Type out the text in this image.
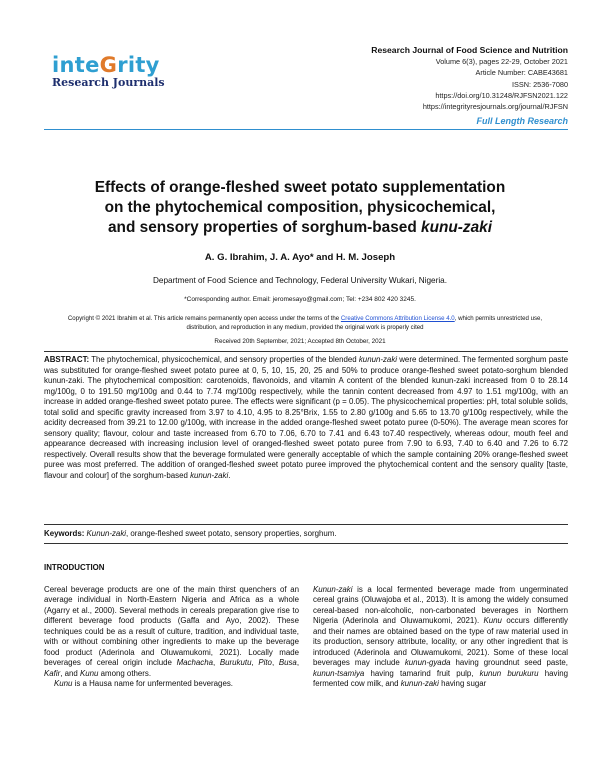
inteGrity
Research Journals
Research Journal of Food Science and Nutrition
Volume 6(3), pages 22-29, October 2021
Article Number: CABE43681
ISSN: 2536-7080
https://doi.org/10.31248/RJFSN2021.122
https://integrityresjournals.org/journal/RJFSN
Full Length Research
Effects of orange-fleshed sweet potato supplementation
on the phytochemical composition, physicochemical,
and sensory properties of sorghum-based kunu-zaki
A. G. Ibrahim, J. A. Ayo* and H. M. Joseph
Department of Food Science and Technology, Federal University Wukari, Nigeria.
*Corresponding author. Email: jeromesayo@gmail.com; Tel: +234 802 420 3245.
Copyright © 2021 Ibrahim et al. This article remains permanently open access under the terms of the Creative Commons Attribution License 4.0, which permits unrestricted use, distribution, and reproduction in any medium, provided the original work is properly cited
Received 20th September, 2021; Accepted 8th October, 2021
ABSTRACT: The phytochemical, physicochemical, and sensory properties of the blended kunun-zaki were determined. The fermented sorghum paste was substituted for orange-fleshed sweet potato puree at 0, 5, 10, 15, 20, 25 and 50% to produce orange-fleshed sweet potato-sorghum blended kunun-zaki. The phytochemical composition: carotenoids, flavonoids, and vitamin A content of the blended kunun-zaki increased from 0 to 28.14 mg/100g, 0 to 191.50 mg/100g and 0.44 to 7.74 mg/100g respectively, while the tannin content decreased from 4.97 to 1.51 mg/100g, with an increase in added orange-fleshed sweet potato puree. The effects were significant (p = 0.05). The physicochemical properties: pH, total soluble solids, total solid and specific gravity increased from 3.97 to 4.10, 4.95 to 8.25°Brix, 1.55 to 2.80 g/100g and 5.65 to 13.70 g/100g respectively, while the acidity decreased from 39.21 to 12.00 g/100g, with increase in the added orange-fleshed sweet potato puree (0-50%). The average mean scores for sensory quality; flavour, colour and taste increased from 6.70 to 7.06, 6.70 to 7.41 and 6.43 to7.40 respectively, whereas odour, mouth feel and appearance decreased with increasing inclusion level of oranged-fleshed sweet potato puree from 7.90 to 6.93, 7.40 to 6.40 and 7.26 to 6.72 respectively. Overall results show that the beverage formulated were generally acceptable of which the sample containing 20% orange-fleshed sweet puree was most preferred. The addition of oranged-fleshed sweet potato puree improved the phytochemical content and the sensory quality [taste, flavour and colour] of the sorghum-based kunun-zaki.
Keywords: Kunun-zaki, orange-fleshed sweet potato, sensory properties, sorghum.
INTRODUCTION

Cereal beverage products are one of the main thirst quenchers of an average individual in North-Eastern Nigeria and Africa as a whole (Agarry et al., 2000). Several methods in cereals preparation give rise to different beverage food products (Gaffa and Ayo, 2002). These techniques could be as a result of culture, tradition, and individual taste, with or without combining other ingredients to make up the beverage food product (Aderinola and Oluwamukomi, 2021). Locally made beverages of cereal origin include Machacha, Burukutu, Pito, Busa, Kafir, and Kunu among others.

Kunu is a Hausa name for unfermented beverages.

Kunun-zaki is a local fermented beverage made from ungerminated cereal grains (Oluwajoba et al., 2013). It is among the widely consumed cereal-based non-alcoholic, non-carbonated beverages in Northern Nigeria (Aderinola and Oluwamukomi, 2021). Kunu occurs differently and their names are obtained based on the type of raw material used in its production, sensory attribute, locality, or any other ingredient that is introduced (Aderinola and Oluwamukomi, 2021). Some of these local beverages may include kunun-gyada having groundnut seed paste, kunun-tsamiya having tamarind fruit pulp, kunun burukuru having fermented cow milk, and kunun-zaki having sugar
